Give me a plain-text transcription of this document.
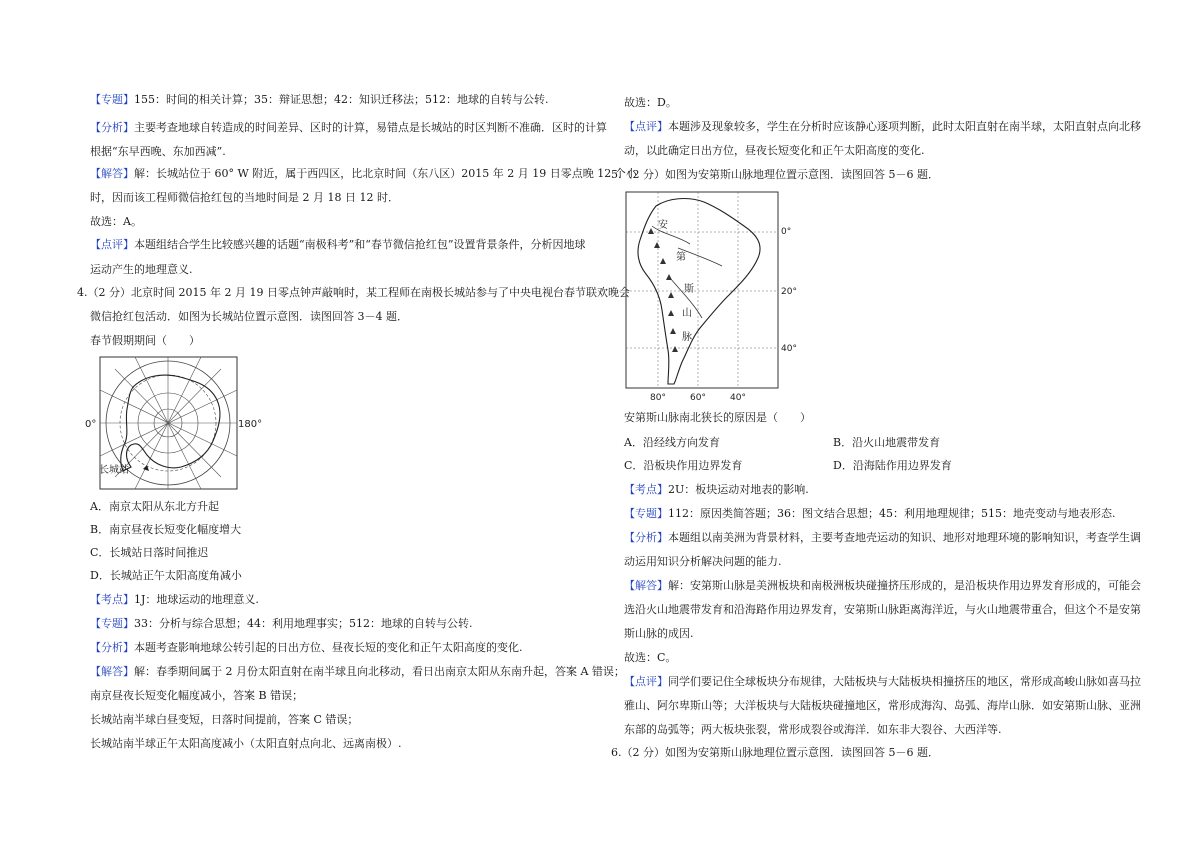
【专题】155：时间的相关计算；35：辩证思想；42：知识迁移法；512：地球的自转与公转.
【分析】主要考查地球自转造成的时间差异、区时的计算，易错点是长城站的时区判断不准确．区时的计算
根据“东早西晚、东加西减”.
【解答】解：长城站位于 60° W 附近，属于西四区，比北京时间（东八区）2015 年 2 月 19 日零点晚 12 个小
时，因而该工程师微信抢红包的当地时间是 2 月 18 日 12 时．
故选：A。
【点评】本题组结合学生比较感兴趣的话题“南极科考”和“春节微信抢红包”设置背景条件，分析因地球
运动产生的地理意义.
4.（2 分）北京时间 2015 年 2 月 19 日零点钟声敲响时，某工程师在南极长城站参与了中央电视台春节联欢晚会
微信抢红包活动．如图为长城站位置示意图．读图回答 3－4 题．
春节假期期间（　　）
0°	180°
长城站
A．南京太阳从东北方升起
B．南京昼夜长短变化幅度增大
C．长城站日落时间推迟
D．长城站正午太阳高度角减小
【考点】1J：地球运动的地理意义.
【专题】33：分析与综合思想；44：利用地理事实；512：地球的自转与公转.
【分析】本题考查影响地球公转引起的日出方位、昼夜长短的变化和正午太阳高度的变化.
【解答】解：春季期间属于 2 月份太阳直射在南半球且向北移动，看日出南京太阳从东南升起，答案 A 错误；
南京昼夜长短变化幅度减小，答案 B 错误；
长城站南半球白昼变短，日落时间提前，答案 C 错误；
长城站南半球正午太阳高度减小（太阳直射点向北、远离南极）.
故选：D。
【点评】本题涉及现象较多，学生在分析时应该静心逐项判断，此时太阳直射在南半球，太阳直射点向北移
动，以此确定日出方位，昼夜长短变化和正午太阳高度的变化.
5.（2 分）如图为安第斯山脉地理位置示意图．读图回答 5－6 题．
安
第
斯
山
脉
0°
20°
40°
80°	60°	40°
安第斯山脉南北狭长的原因是（　　）
A．沿经线方向发育	B．沿火山地震带发育
C．沿板块作用边界发育	D．沿海陆作用边界发育
【考点】2U：板块运动对地表的影响.
【专题】112：原因类简答题；36：图文结合思想；45：利用地理规律；515：地壳变动与地表形态.
【分析】本题组以南美洲为背景材料，主要考查地壳运动的知识、地形对地理环境的影响知识，考查学生调
动运用知识分析解决问题的能力.
【解答】解：安第斯山脉是美洲板块和南极洲板块碰撞挤压形成的，是沿板块作用边界发育形成的，可能会
选沿火山地震带发育和沿海路作用边界发育，安第斯山脉距离海洋近，与火山地震带重合，但这个不是安第
斯山脉的成因.
故选：C。
【点评】同学们要记住全球板块分布规律，大陆板块与大陆板块相撞挤压的地区，常形成高峻山脉如喜马拉
雅山、阿尔卑斯山等；大洋板块与大陆板块碰撞地区，常形成海沟、岛弧、海岸山脉．如安第斯山脉、亚洲
东部的岛弧等；两大板块张裂，常形成裂谷或海洋．如东非大裂谷、大西洋等.
6.（2 分）如图为安第斯山脉地理位置示意图．读图回答 5－6 题．
